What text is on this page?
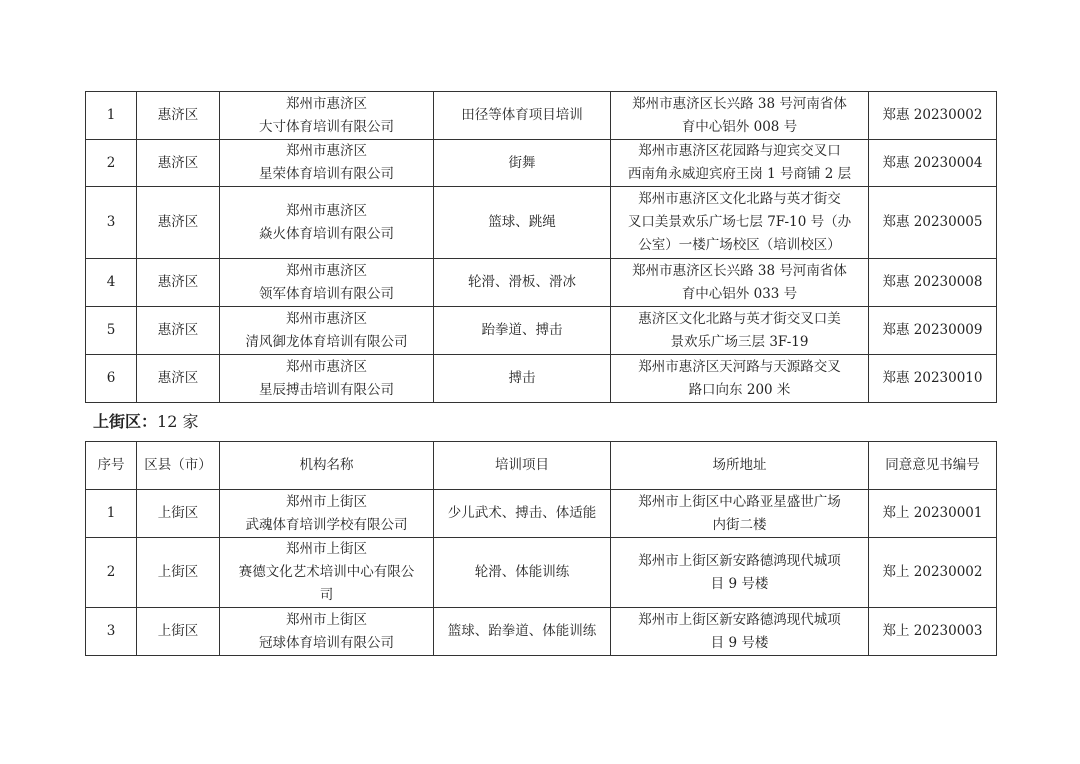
1	惠济区	郑州市惠济区
大寸体育培训有限公司	田径等体育项目培训	郑州市惠济区长兴路 38 号河南省体
育中心铝外 008 号	郑惠 20230002
2	惠济区	郑州市惠济区
星荣体育培训有限公司	街舞	郑州市惠济区花园路与迎宾交叉口
西南角永威迎宾府王岗 1 号商铺 2 层	郑惠 20230004
3	惠济区	郑州市惠济区
焱火体育培训有限公司	篮球、跳绳	郑州市惠济区文化北路与英才街交
叉口美景欢乐广场七层 7F-10 号（办
公室）一楼广场校区（培训校区）	郑惠 20230005
4	惠济区	郑州市惠济区
领军体育培训有限公司	轮滑、滑板、滑冰	郑州市惠济区长兴路 38 号河南省体
育中心铝外 033 号	郑惠 20230008
5	惠济区	郑州市惠济区
清风御龙体育培训有限公司	跆拳道、搏击	惠济区文化北路与英才街交叉口美
景欢乐广场三层 3F-19	郑惠 20230009
6	惠济区	郑州市惠济区
星辰搏击培训有限公司	搏击	郑州市惠济区天河路与天源路交叉
路口向东 200 米	郑惠 20230010
上街区：12 家
序号	区县（市）	机构名称	培训项目	场所地址	同意意见书编号
1	上街区	郑州市上街区
武魂体育培训学校有限公司	少儿武术、搏击、体适能	郑州市上街区中心路亚星盛世广场
内街二楼	郑上 20230001
2	上街区	郑州市上街区
赛德文化艺术培训中心有限公
司	轮滑、体能训练	郑州市上街区新安路德鸿现代城项
目 9 号楼	郑上 20230002
3	上街区	郑州市上街区
冠球体育培训有限公司	篮球、跆拳道、体能训练	郑州市上街区新安路德鸿现代城项
目 9 号楼	郑上 20230003
